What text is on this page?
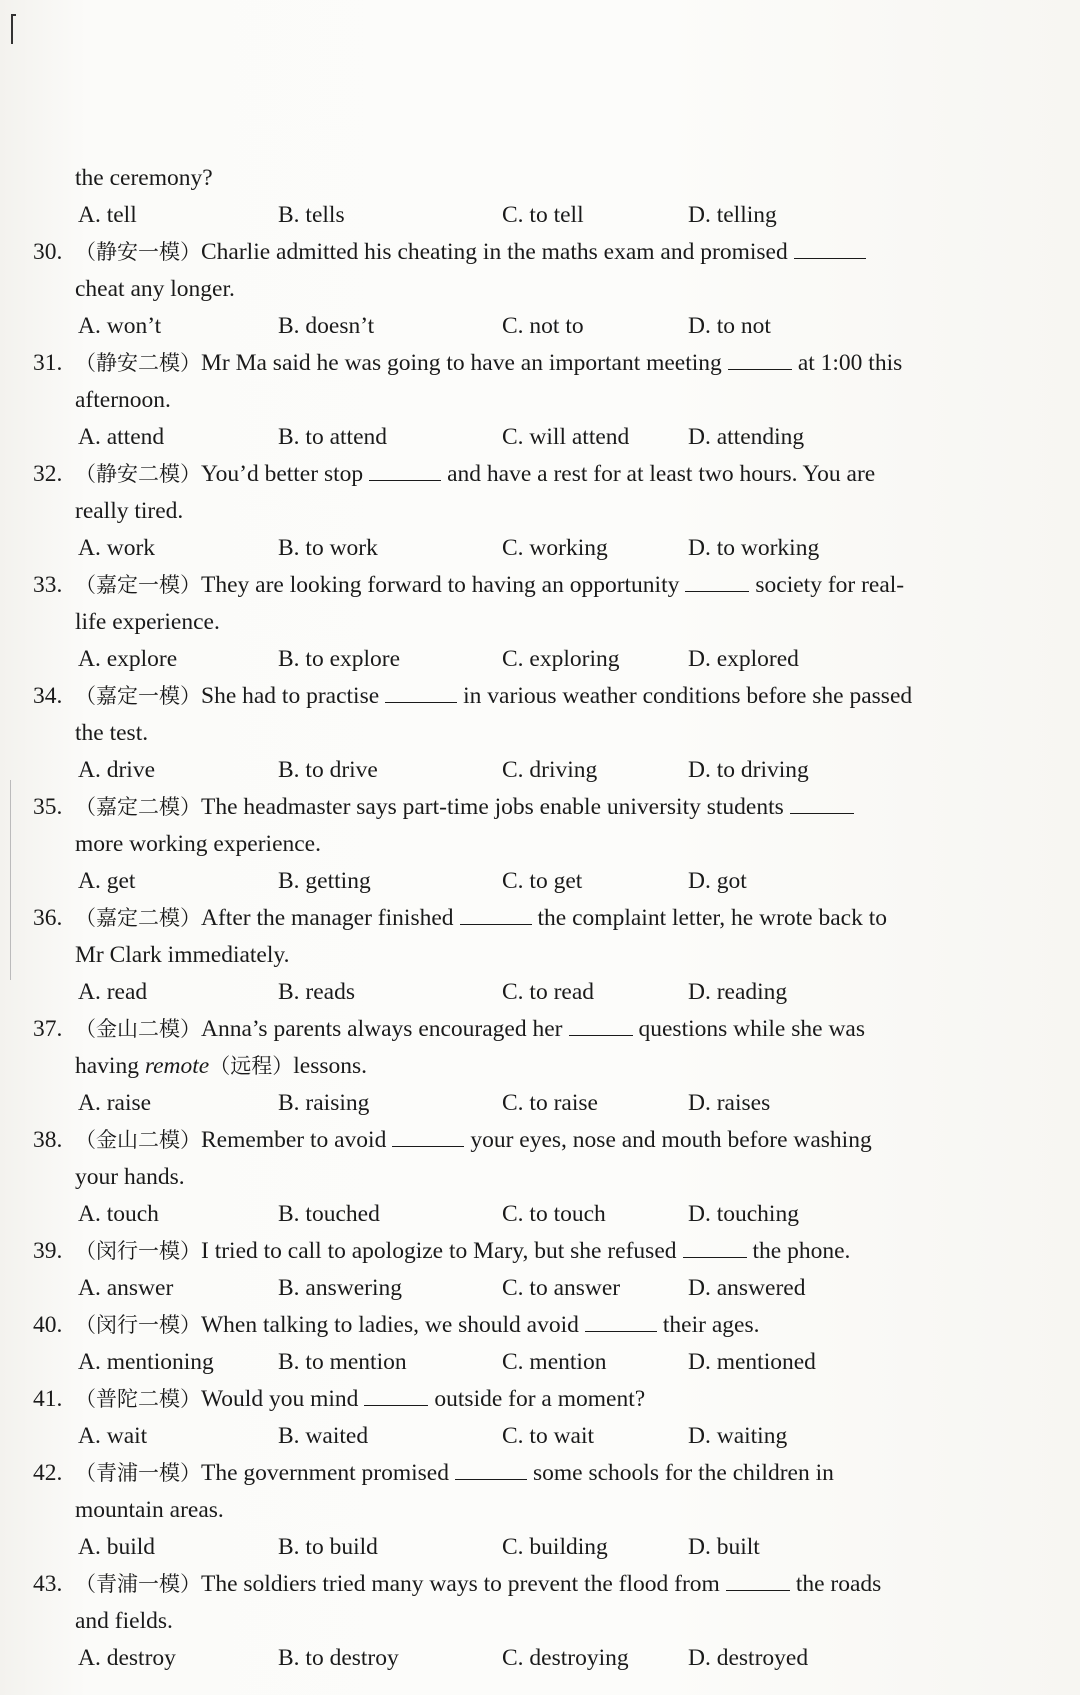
the ceremony?
A. tell	B. tells	C. to tell	D. telling
30. （静安一模）Charlie admitted his cheating in the maths exam and promised
cheat any longer.
A. won’t	B. doesn’t	C. not to	D. to not
31. （静安二模）Mr Ma said he was going to have an important meeting	at 1:00 this
afternoon.
A. attend	B. to attend	C. will attend D. attending
32. （静安二模）You’d better stop	and have a rest for at least two hours. You are
really tired.
A. work	B. to work	C. working	D. to working
33. （嘉定一模）They are looking forward to having an opportunity	society for real-
life experience.
A. explore	B. to explore	C. exploring	D. explored
34. （嘉定一模）She had to practise	in various weather conditions before she passed
the test.
A. drive	B. to drive	C. driving	D. to driving
35. （嘉定二模）The headmaster says part-time jobs enable university students
more working experience.
A. get	B. getting	C. to get	D. got
36. （嘉定二模）After the manager finished	the complaint letter, he wrote back to
Mr Clark immediately.
A. read	B. reads	C. to read	D. reading
37. （金山二模）Anna’s parents always encouraged her	questions while she was
having remote（远程）lessons.
A. raise	B. raising	C. to raise	D. raises
38. （金山二模）Remember to avoid	your eyes, nose and mouth before washing
your hands.
A. touch	B. touched	C. to touch	D. touching
39. （闵行一模）I tried to call to apologize to Mary, but she refused	the phone.
A. answer	B. answering	C. to answer	D. answered
40. （闵行一模）When talking to ladies, we should avoid	their ages.
A. mentioning	B. to mention	C. mention	D. mentioned
41. （普陀二模）Would you mind	outside for a moment?
A. wait	B. waited	C. to wait	D. waiting
42. （青浦一模）The government promised	some schools for the children in
mountain areas.
A. build	B. to build	C. building	D. built
43. （青浦一模）The soldiers tried many ways to prevent the flood from	the roads
and fields.
A. destroy	B. to destroy	C. destroying	D. destroyed
